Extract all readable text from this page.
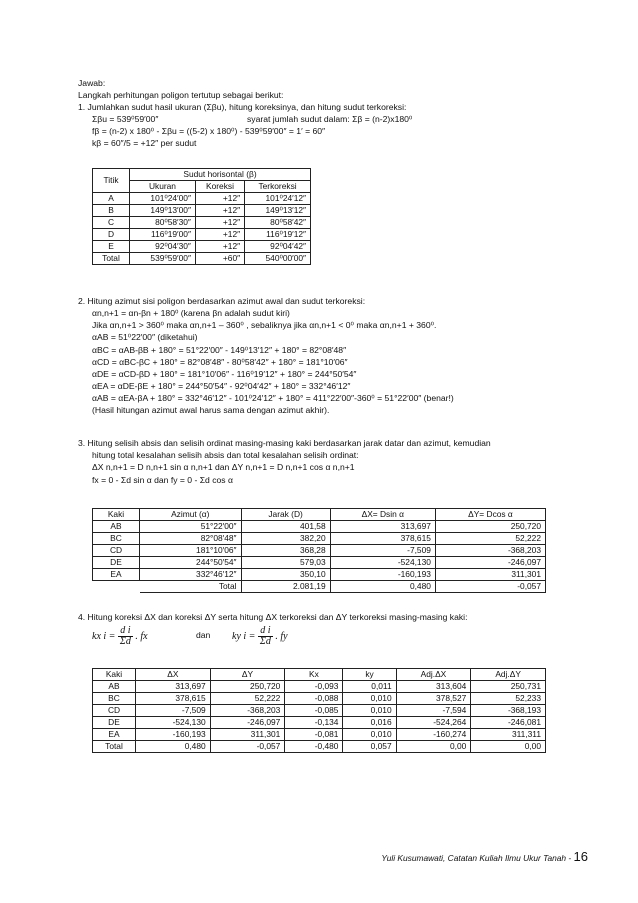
Jawab:
Langkah perhitungan poligon tertutup sebagai berikut:
1. Jumlahkan sudut hasil ukuran (Σβu), hitung koreksinya, dan hitung sudut terkoreksi:
Σβu = 539⁰59′00″	syarat jumlah sudut dalam: Σβ = (n-2)x180⁰
fβ = (n-2) x 180⁰ - Σβu = ((5-2) x 180⁰) - 539⁰59′00″ = 1′ = 60″
kβ = 60″/5 = +12″ per sudut
Titik	Sudut horisontal (β)		
	Ukuran	Koreksi	Terkoreksi
A	101⁰24′00″	+12″	101⁰24′12″
B	149⁰13′00″	+12″	149⁰13′12″
C	80⁰58′30″	+12″	80⁰58′42″
D	116⁰19′00″	+12″	116⁰19′12″
E	92⁰04′30″	+12″	92⁰04′42″
Total	539⁰59′00″	+60″	540⁰00′00″
2. Hitung azimut sisi poligon berdasarkan azimut awal dan sudut terkoreksi:
αn,n+1 = αn-βn + 180⁰ (karena βn adalah sudut kiri)
Jika αn,n+1 > 360⁰ maka αn,n+1 – 360⁰ , sebaliknya jika αn,n+1 < 0⁰ maka αn,n+1 + 360⁰.
αAB = 51⁰22′00″ (diketahui)
αBC = αAB-βB + 180° = 51°22′00″ - 149⁰13′12″ + 180° = 82°08′48″
αCD = αBC-βC + 180° = 82°08′48″ - 80⁰58′42″ + 180° = 181°10′06″
αDE = αCD-βD + 180° = 181°10′06″ - 116⁰19′12″ + 180° = 244°50′54″
αEA = αDE-βE + 180° = 244°50′54″ - 92⁰04′42″ + 180° = 332°46′12″
αAB = αEA-βA + 180° = 332°46′12″ - 101⁰24′12″ + 180° = 411°22′00″-360⁰ = 51°22′00″ (benar!)
(Hasil hitungan azimut awal harus sama dengan azimut akhir).
3. Hitung selisih absis dan selisih ordinat masing-masing kaki berdasarkan jarak datar dan azimut, kemudian
hitung total kesalahan selisih absis dan total kesalahan selisih ordinat:
ΔX n,n+1 = D n,n+1 sin α n,n+1 dan ΔY n,n+1 = D n,n+1 cos α n,n+1
fx = 0 - Σd sin α dan fy = 0 - Σd cos α
Kaki	Azimut (α)	Jarak (D)	ΔX= Dsin α	ΔY= Dcos α
AB	51°22′00″	401,58	313,697	250,720
BC	82°08′48″	382,20	378,615	52,222
CD	181°10′06″	368,28	-7,509	-368,203
DE	244°50′54″	579,03	-524,130	-246,097
EA	332°46′12″	350,10	-160,193	311,301
	Total	2.081,19	0,480	-0,057
4. Hitung koreksi ΔX dan koreksi ΔY serta hitung ΔX terkoreksi dan ΔY terkoreksi masing-masing kaki:
kx $i = \frac{\text{d i}}{\Sigma d}$ . fx	dan ky $i = \frac{\text{d i}}{\Sigma d}$ . fy
Kaki	ΔX	ΔY	Kx	ky	Adj.ΔX	Adj.ΔY
AB	313,697	250,720	-0,093	0,011	313,604	250,731
BC	378,615	52,222	-0,088	0,010	378,527	52,233
CD	-7,509	-368,203	-0,085	0,010	-7,594	-368,193
DE	-524,130	-246,097	-0,134	0,016	-524,264	-246,081
EA	-160,193	311,301	-0,081	0,010	-160,274	311,311
Total	0,480	-0,057	-0,480	0,057	0,00	0,00
Yuli Kusumawati, Catatan Kuliah Ilmu Ukur Tanah - 16
